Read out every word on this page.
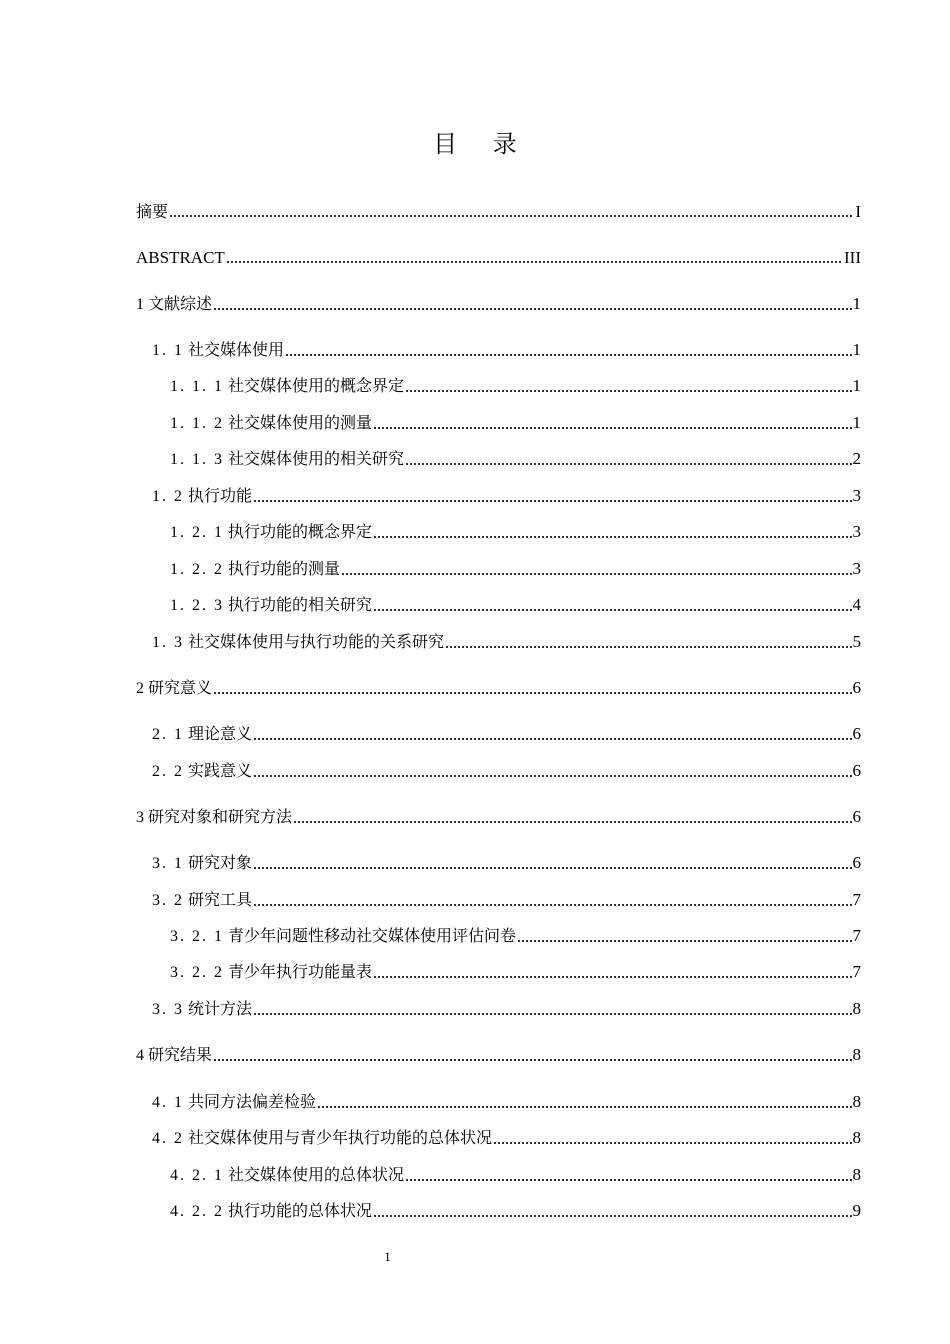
目 录
摘要	I
ABSTRACT	III
1 文献综述	1
1. 1 社交媒体使用	1
1. 1. 1 社交媒体使用的概念界定	1
1. 1. 2 社交媒体使用的测量	1
1. 1. 3 社交媒体使用的相关研究	2
1. 2 执行功能	3
1. 2. 1 执行功能的概念界定	3
1. 2. 2 执行功能的测量	3
1. 2. 3 执行功能的相关研究	4
1. 3 社交媒体使用与执行功能的关系研究	5
2 研究意义	6
2. 1 理论意义	6
2. 2 实践意义	6
3 研究对象和研究方法	6
3. 1 研究对象	6
3. 2 研究工具	7
3. 2. 1 青少年问题性移动社交媒体使用评估问卷	7
3. 2. 2 青少年执行功能量表	7
3. 3 统计方法	8
4 研究结果	8
4. 1 共同方法偏差检验	8
4. 2 社交媒体使用与青少年执行功能的总体状况	8
4. 2. 1 社交媒体使用的总体状况	8
4. 2. 2 执行功能的总体状况	9
1
